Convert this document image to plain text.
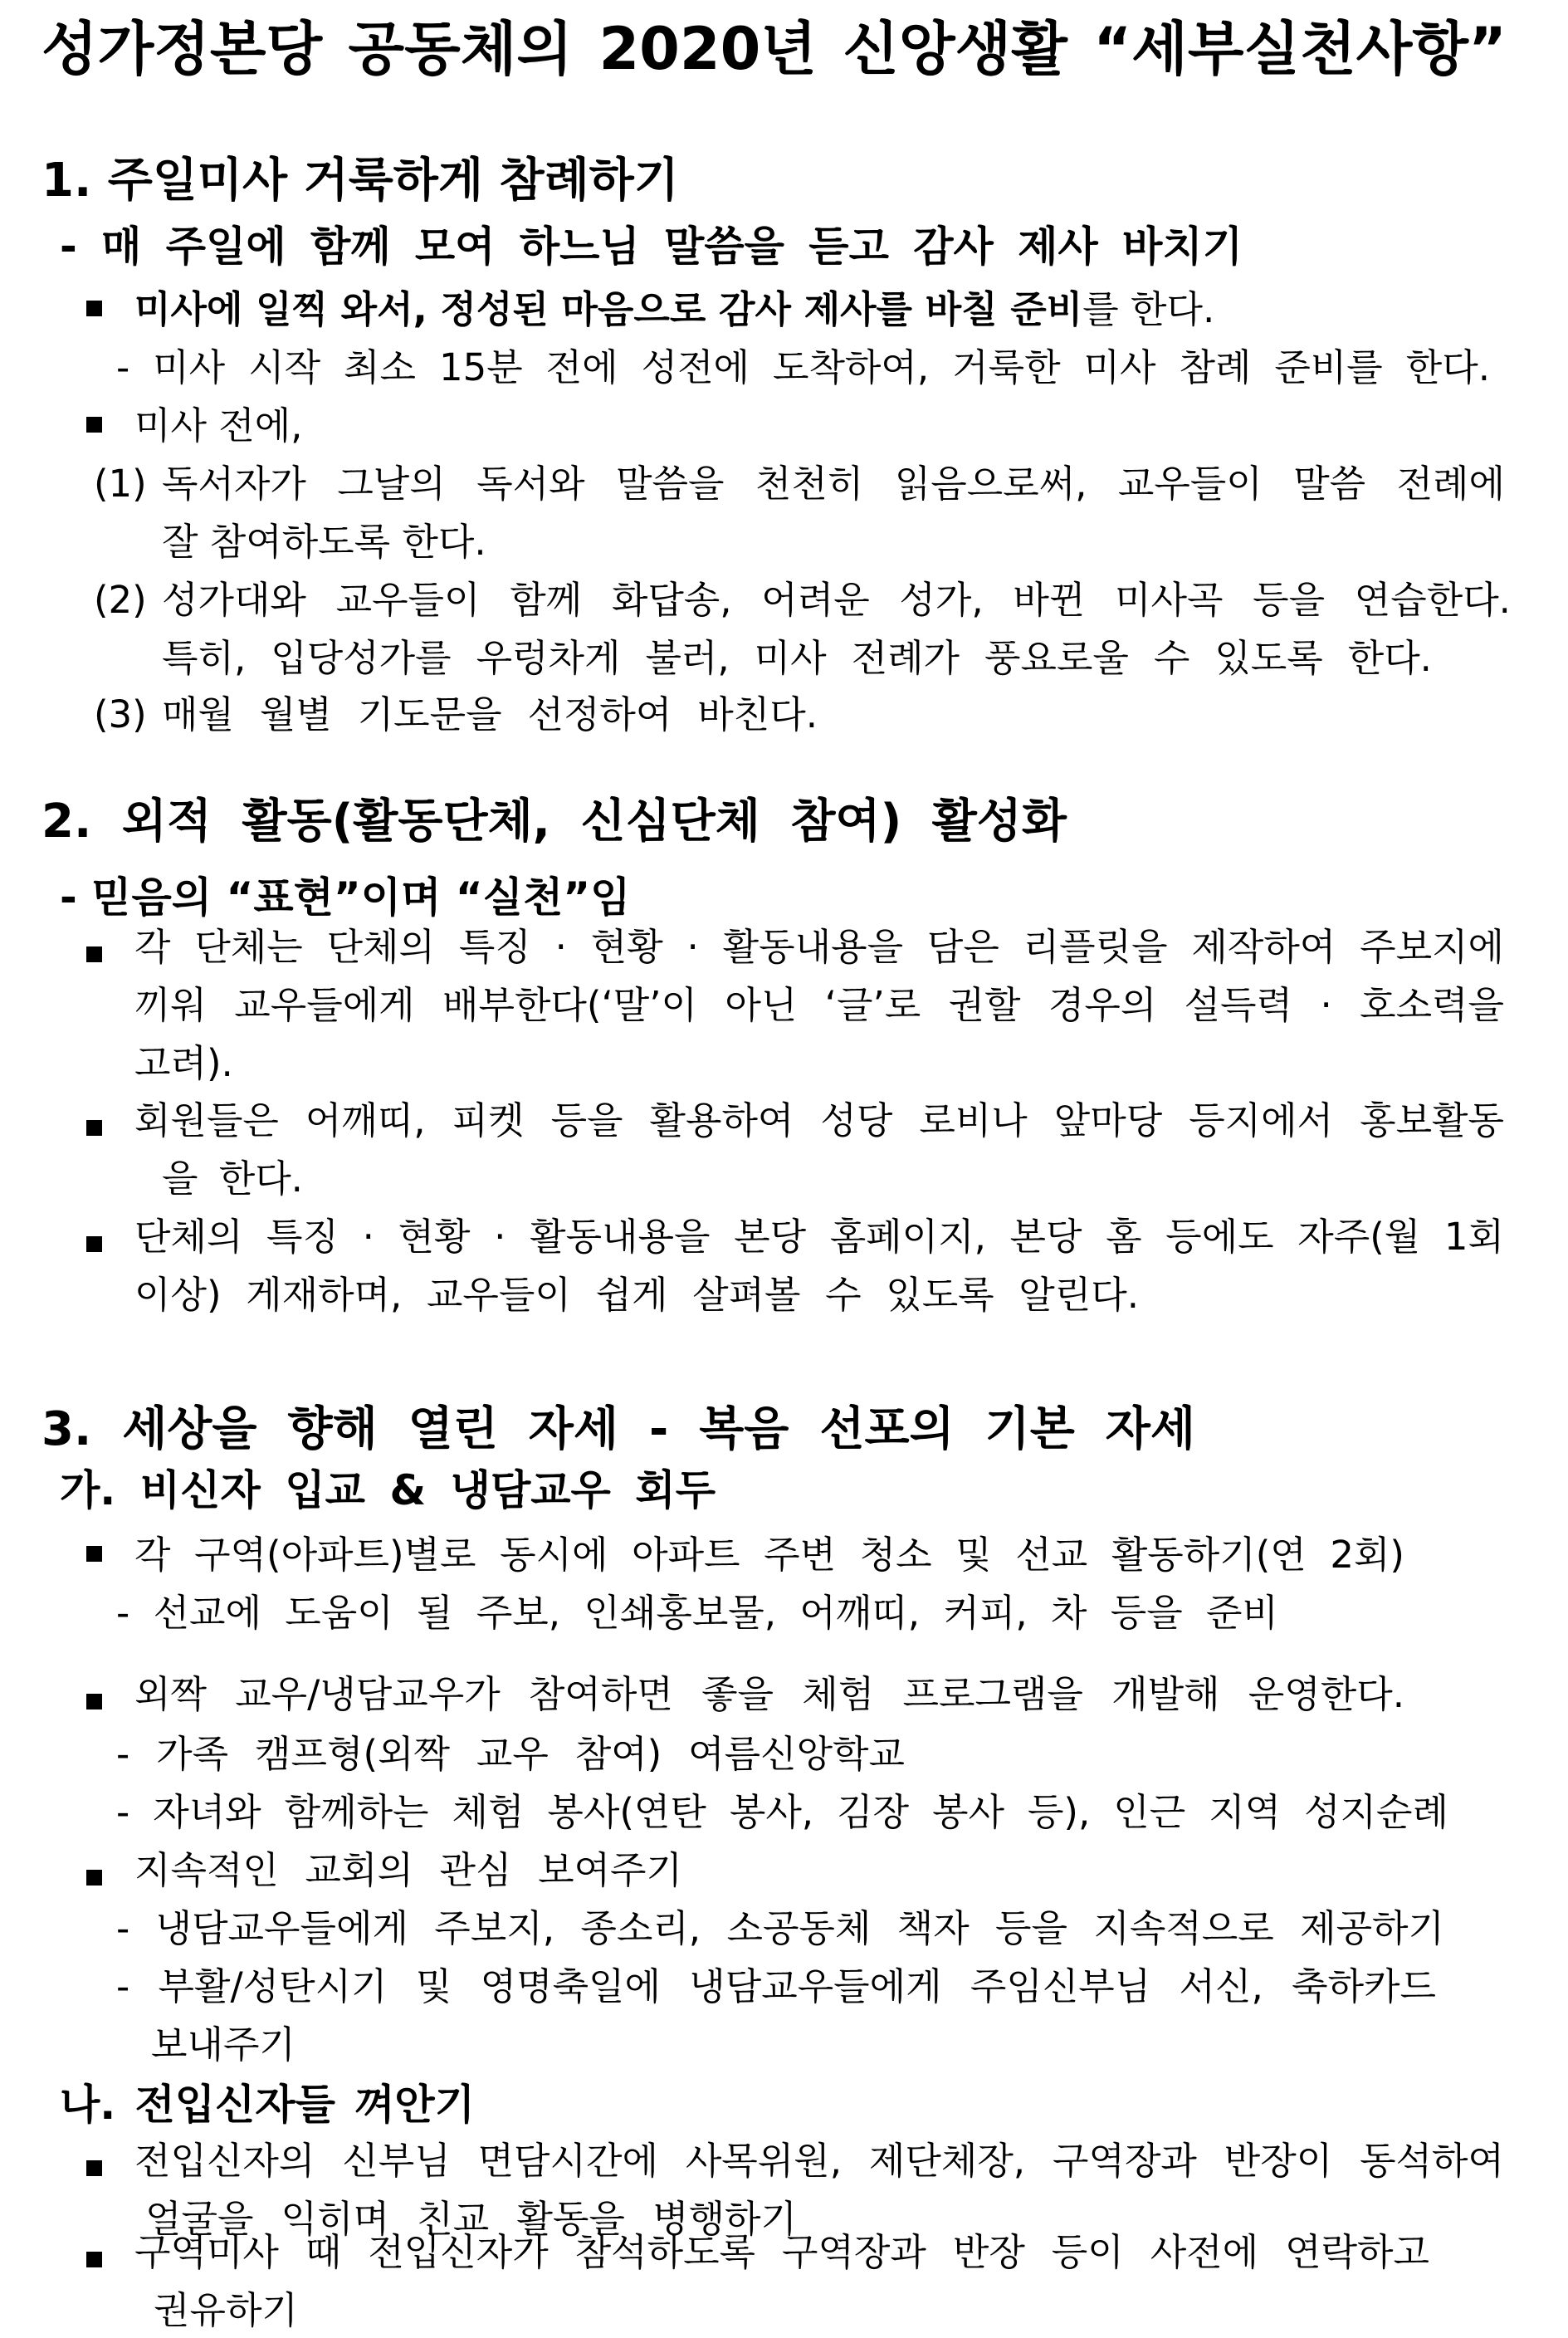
성가정본당 공동체의 2020년 신앙생활 “세부실천사항”
1. 주일미사 거룩하게 참례하기
- 매 주일에 함께 모여 하느님 말씀을 듣고 감사 제사 바치기
미사에 일찍 와서, 정성된 마음으로 감사 제사를 바칠 준비를 한다.
- 미사 시작 최소 15분 전에 성전에 도착하여, 거룩한 미사 참례 준비를 한다.
미사 전에,
(1) 독서자가 그날의 독서와 말씀을 천천히 읽음으로써, 교우들이 말씀 전례에
잘 참여하도록 한다.
(2) 성가대와 교우들이 함께 화답송, 어려운 성가, 바뀐 미사곡 등을 연습한다.
특히, 입당성가를 우렁차게 불러, 미사 전례가 풍요로울 수 있도록 한다.
(3) 매월 월별 기도문을 선정하여 바친다.
2. 외적 활동(활동단체, 신심단체 참여) 활성화
- 믿음의 “표현”이며 “실천”임
각 단체는 단체의 특징 · 현황 · 활동내용을 담은 리플릿을 제작하여 주보지에
끼워 교우들에게 배부한다(‘말’이 아닌 ‘글’로 권할 경우의 설득력 · 호소력을
고려).
회원들은 어깨띠, 피켓 등을 활용하여 성당 로비나 앞마당 등지에서 홍보활동
을 한다.
단체의 특징 · 현황 · 활동내용을 본당 홈페이지, 본당 홈 등에도 자주(월 1회
이상) 게재하며, 교우들이 쉽게 살펴볼 수 있도록 알린다.
3. 세상을 향해 열린 자세 - 복음 선포의 기본 자세
가. 비신자 입교 & 냉담교우 회두
각 구역(아파트)별로 동시에 아파트 주변 청소 및 선교 활동하기(연 2회)
- 선교에 도움이 될 주보, 인쇄홍보물, 어깨띠, 커피, 차 등을 준비
외짝 교우/냉담교우가 참여하면 좋을 체험 프로그램을 개발해 운영한다.
- 가족 캠프형(외짝 교우 참여) 여름신앙학교
- 자녀와 함께하는 체험 봉사(연탄 봉사, 김장 봉사 등), 인근 지역 성지순례
지속적인 교회의 관심 보여주기
- 냉담교우들에게 주보지, 종소리, 소공동체 책자 등을 지속적으로 제공하기
- 부활/성탄시기 및 영명축일에 냉담교우들에게 주임신부님 서신, 축하카드
보내주기
나. 전입신자들 껴안기
전입신자의 신부님 면담시간에 사목위원, 제단체장, 구역장과 반장이 동석하여
얼굴을 익히며 친교 활동을 병행하기
구역미사 때 전입신자가 참석하도록 구역장과 반장 등이 사전에 연락하고
권유하기
